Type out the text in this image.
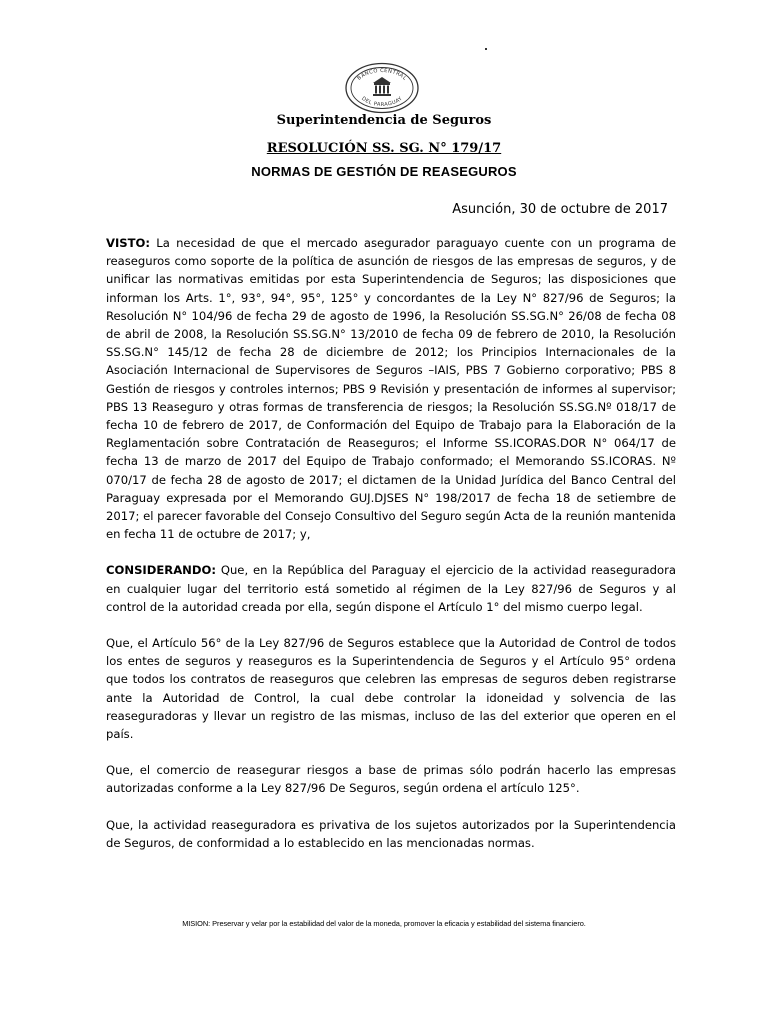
BANCO CENTRAL
DEL PARAGUAY
Superintendencia de Seguros
RESOLUCIÓN SS. SG. N° 179/17
NORMAS DE GESTIÓN DE REASEGUROS
Asunción, 30 de octubre de 2017

VISTO: La necesidad de que el mercado asegurador paraguayo cuente con un programa de reaseguros como soporte de la política de asunción de riesgos de las empresas de seguros, y de unificar las normativas emitidas por esta Superintendencia de Seguros; las disposiciones que informan los Arts. 1°, 93°, 94°, 95°, 125° y concordantes de la Ley N° 827/96 de Seguros; la Resolución N° 104/96 de fecha 29 de agosto de 1996, la Resolución SS.SG.N° 26/08 de fecha 08 de abril de 2008, la Resolución SS.SG.N° 13/2010 de fecha 09 de febrero de 2010, la Resolución SS.SG.N° 145/12 de fecha 28 de diciembre de 2012; los Principios Internacionales de la Asociación Internacional de Supervisores de Seguros –IAIS, PBS 7 Gobierno corporativo; PBS 8 Gestión de riesgos y controles internos; PBS 9 Revisión y presentación de informes al supervisor; PBS 13 Reaseguro y otras formas de transferencia de riesgos; la Resolución SS.SG.Nº 018/17 de fecha 10 de febrero de 2017, de Conformación del Equipo de Trabajo para la Elaboración de la Reglamentación sobre Contratación de Reaseguros; el Informe SS.ICORAS.DOR N° 064/17 de fecha 13 de marzo de 2017 del Equipo de Trabajo conformado; el Memorando SS.ICORAS. Nº 070/17 de fecha 28 de agosto de 2017; el dictamen de la Unidad Jurídica del Banco Central del Paraguay expresada por el Memorando GUJ.DJSES N° 198/2017 de fecha 18 de setiembre de 2017; el parecer favorable del Consejo Consultivo del Seguro según Acta de la reunión mantenida en fecha 11 de octubre de 2017; y,

CONSIDERANDO: Que, en la República del Paraguay el ejercicio de la actividad reaseguradora en cualquier lugar del territorio está sometido al régimen de la Ley 827/96 de Seguros y al control de la autoridad creada por ella, según dispone el Artículo 1° del mismo cuerpo legal.

Que, el Artículo 56° de la Ley 827/96 de Seguros establece que la Autoridad de Control de todos los entes de seguros y reaseguros es la Superintendencia de Seguros y el Artículo 95° ordena que todos los contratos de reaseguros que celebren las empresas de seguros deben registrarse ante la Autoridad de Control, la cual debe controlar la idoneidad y solvencia de las reaseguradoras y llevar un registro de las mismas, incluso de las del exterior que operen en el país.

Que, el comercio de reasegurar riesgos a base de primas sólo podrán hacerlo las empresas autorizadas conforme a la Ley 827/96 De Seguros, según ordena el artículo 125°.

Que, la actividad reaseguradora es privativa de los sujetos autorizados por la Superintendencia de Seguros, de conformidad a lo establecido en las mencionadas normas.

MISION: Preservar y velar por la estabilidad del valor de la moneda, promover la eficacia y estabilidad del sistema financiero.
